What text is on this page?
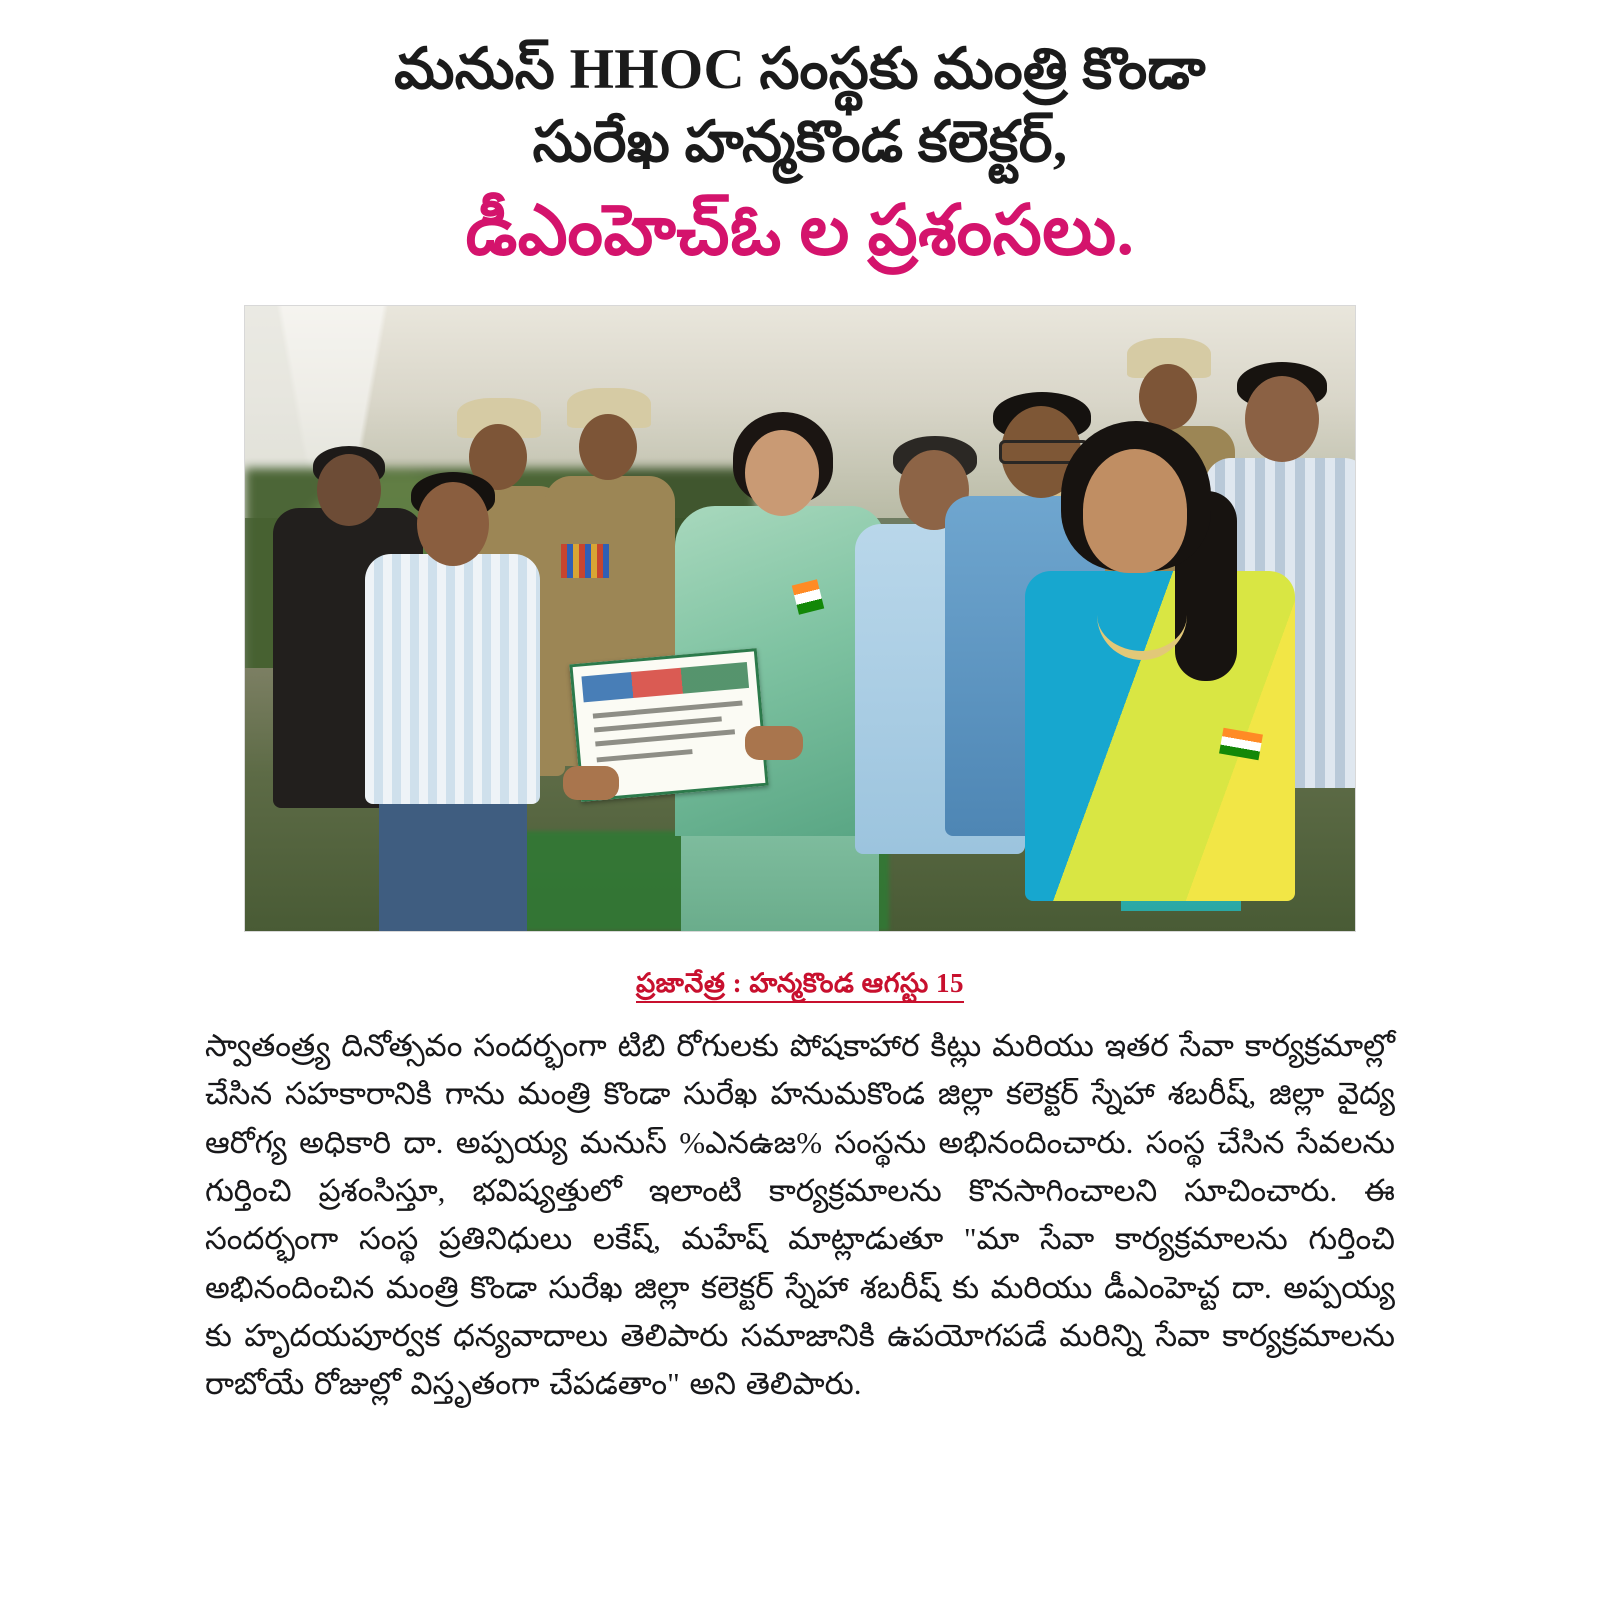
మనుస్ HHOC సంస్థకు మంత్రి కొండా
సురేఖ హన్మకొండ కలెక్టర్,
డీఎంహెచ్ఓ ల ప్రశంసలు.
ప్రజానేత్ర : హన్మకొండ ఆగస్టు 15

స్వాతంత్ర్య దినోత్సవం సందర్భంగా టిబి రోగులకు పోషకాహార కిట్లు మరియు ఇతర సేవా కార్యక్రమాల్లో చేసిన సహకారానికి గాను మంత్రి కొండా సురేఖ హనుమకొండ జిల్లా కలెక్టర్ స్నేహా శబరీష్, జిల్లా వైద్య ఆరోగ్య అధికారి దా. అప్పయ్య మనుస్ %ఎనఉజ% సంస్థను అభినందించారు. సంస్థ చేసిన సేవలను గుర్తించి ప్రశంసిస్తూ, భవిష్యత్తులో ఇలాంటి కార్యక్రమాలను కొనసాగించాలని సూచించారు. ఈ సందర్భంగా సంస్థ ప్రతినిధులు లకేష్, మహేష్ మాట్లాడుతూ "మా సేవా కార్యక్రమాలను గుర్తించి అభినందించిన మంత్రి కొండా సురేఖ జిల్లా కలెక్టర్ స్నేహా శబరీష్ కు మరియు డీఎంహెచ్ట దా. అప్పయ్య కు హృదయపూర్వక ధన్యవాదాలు తెలిపారు సమాజానికి ఉపయోగపడే మరిన్ని సేవా కార్యక్రమాలను రాబోయే రోజుల్లో విస్తృతంగా చేపడతాం" అని తెలిపారు.
